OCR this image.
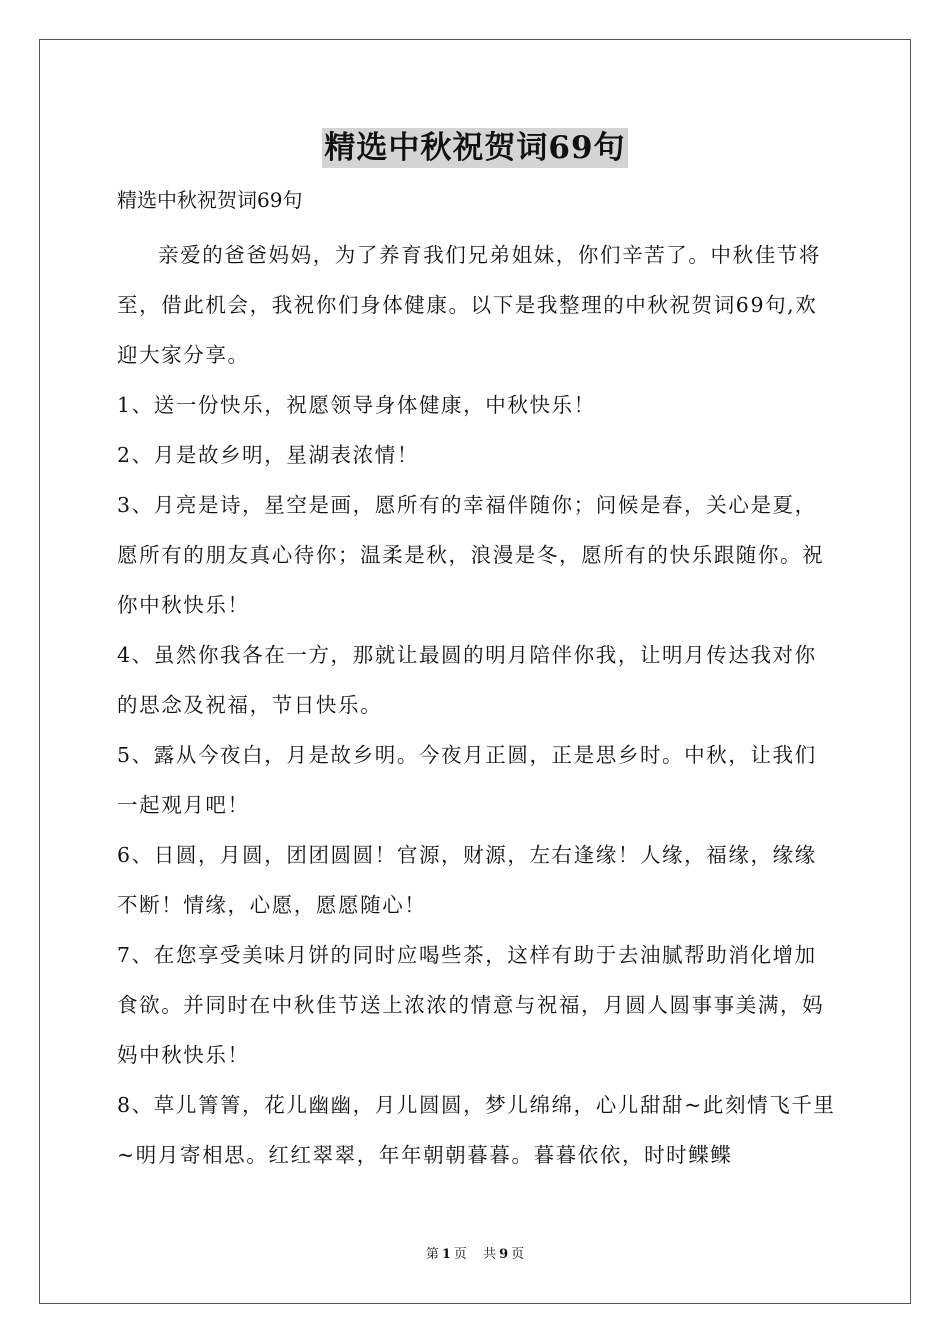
精选中秋祝贺词69句

精选中秋祝贺词69句

亲爱的爸爸妈妈，为了养育我们兄弟姐妹，你们辛苦了。中秋佳节将至，借此机会，我祝你们身体健康。以下是我整理的中秋祝贺词69句,欢迎大家分享。

1、送一份快乐，祝愿领导身体健康，中秋快乐！

2、月是故乡明，星湖表浓情！

3、月亮是诗，星空是画，愿所有的幸福伴随你；问候是春，关心是夏，愿所有的朋友真心待你；温柔是秋，浪漫是冬，愿所有的快乐跟随你。祝你中秋快乐！

4、虽然你我各在一方，那就让最圆的明月陪伴你我，让明月传达我对你的思念及祝福，节日快乐。

5、露从今夜白，月是故乡明。今夜月正圆，正是思乡时。中秋，让我们一起观月吧！

6、日圆，月圆，团团圆圆！官源，财源，左右逢缘！人缘，福缘，缘缘不断！情缘，心愿，愿愿随心！

7、在您享受美味月饼的同时应喝些茶，这样有助于去油腻帮助消化增加食欲。并同时在中秋佳节送上浓浓的情意与祝福，月圆人圆事事美满，妈妈中秋快乐！

8、草儿箐箐，花儿幽幽，月儿圆圆，梦儿绵绵，心儿甜甜~此刻情飞千里~明月寄相思。红红翠翠，年年朝朝暮暮。暮暮依依，时时鲽鲽

第 1 页 共 9 页
